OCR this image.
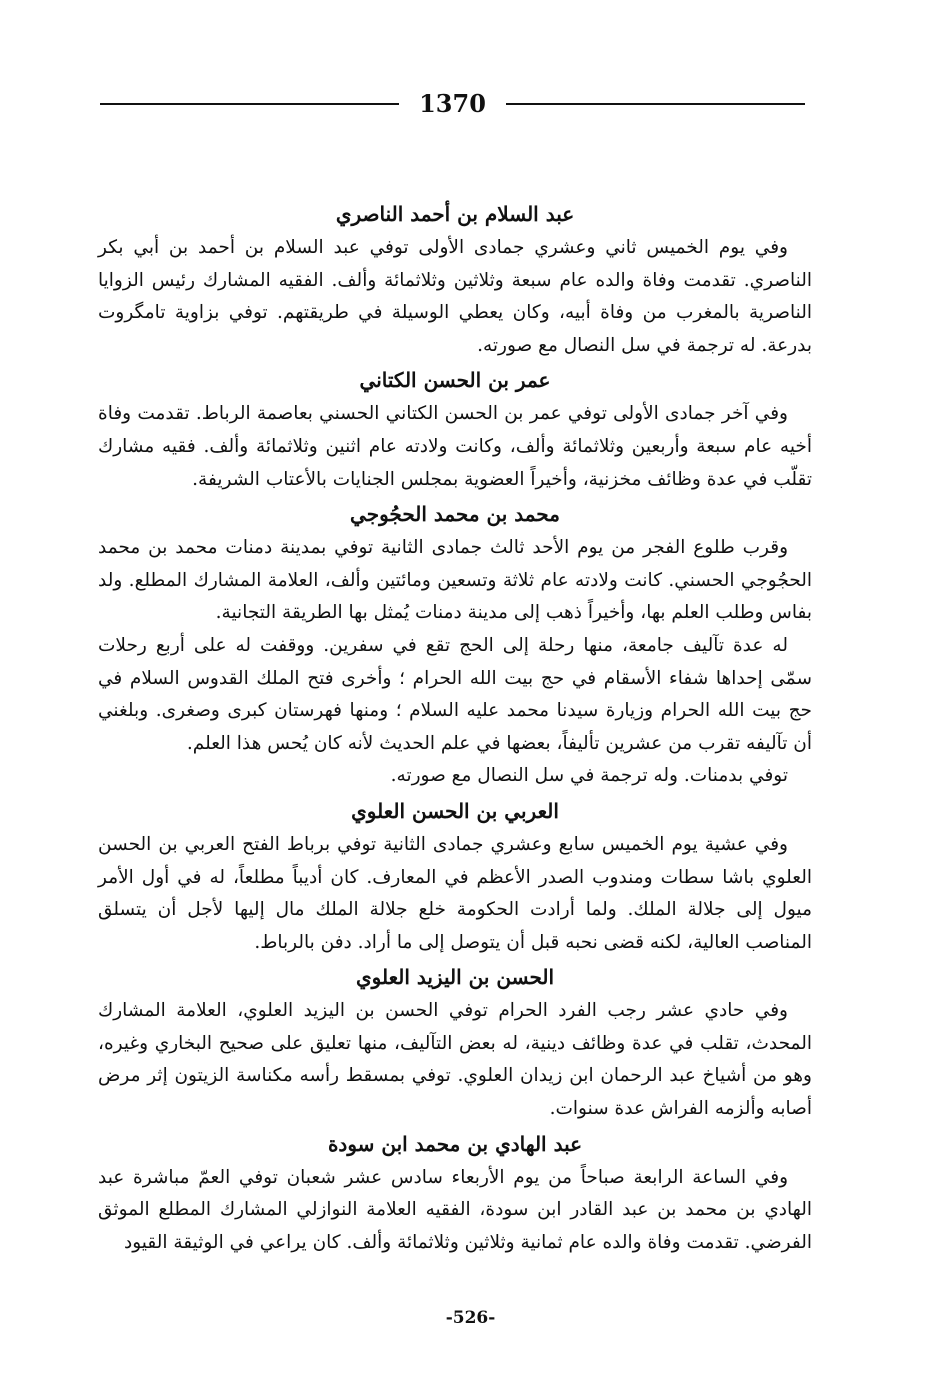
1370
عبد السلام بن أحمد الناصري

وفي يوم الخميس ثاني وعشري جمادى الأولى توفي عبد السلام بن أحمد بن أبي بكر الناصري. تقدمت وفاة والده عام سبعة وثلاثين وثلاثمائة وألف. الفقيه المشارك رئيس الزوايا الناصرية بالمغرب من وفاة أبيه، وكان يعطي الوسيلة في طريقتهم. توفي بزاوية تامگروت بدرعة. له ترجمة في سل النصال مع صورته.

عمر بن الحسن الكتاني

وفي آخر جمادى الأولى توفي عمر بن الحسن الكتاني الحسني بعاصمة الرباط. تقدمت وفاة أخيه عام سبعة وأربعين وثلاثمائة وألف، وكانت ولادته عام اثنين وثلاثمائة وألف. فقيه مشارك تقلّب في عدة وظائف مخزنية، وأخيراً العضوية بمجلس الجنايات بالأعتاب الشريفة.

محمد بن محمد الحجُوجي

وقرب طلوع الفجر من يوم الأحد ثالث جمادى الثانية توفي بمدينة دمنات محمد بن محمد الحجُوجي الحسني. كانت ولادته عام ثلاثة وتسعين ومائتين وألف، العلامة المشارك المطلع. ولد بفاس وطلب العلم بها، وأخيراً ذهب إلى مدينة دمنات يُمثل بها الطريقة التجانية.

له عدة تآليف جامعة، منها رحلة إلى الحج تقع في سفرين. ووقفت له على أربع رحلات سمّى إحداها شفاء الأسقام في حج بيت الله الحرام ؛ وأخرى فتح الملك القدوس السلام في حج بيت الله الحرام وزيارة سيدنا محمد عليه السلام ؛ ومنها فهرستان كبرى وصغرى. وبلغني أن تآليفه تقرب من عشرين تأليفاً، بعضها في علم الحديث لأنه كان يُحس هذا العلم.

توفي بدمنات. وله ترجمة في سل النصال مع صورته.

العربي بن الحسن العلوي

وفي عشية يوم الخميس سابع وعشري جمادى الثانية توفي برباط الفتح العربي بن الحسن العلوي باشا سطات ومندوب الصدر الأعظم في المعارف. كان أديباً مطلعاً، له في أول الأمر ميول إلى جلالة الملك. ولما أرادت الحكومة خلع جلالة الملك مال إليها لأجل أن يتسلق المناصب العالية، لكنه قضى نحبه قبل أن يتوصل إلى ما أراد. دفن بالرباط.

الحسن بن اليزيد العلوي

وفي حادي عشر رجب الفرد الحرام توفي الحسن بن اليزيد العلوي، العلامة المشارك المحدث، تقلب في عدة وظائف دينية، له بعض التآليف، منها تعليق على صحيح البخاري وغيره، وهو من أشياخ عبد الرحمان ابن زيدان العلوي. توفي بمسقط رأسه مكناسة الزيتون إثر مرض أصابه وألزمه الفراش عدة سنوات.

عبد الهادي بن محمد ابن سودة

وفي الساعة الرابعة صباحاً من يوم الأربعاء سادس عشر شعبان توفي العمّ مباشرة عبد الهادي بن محمد بن عبد القادر ابن سودة، الفقيه العلامة النوازلي المشارك المطلع الموثق الفرضي. تقدمت وفاة والده عام ثمانية وثلاثين وثلاثمائة وألف. كان يراعي في الوثيقة القيود

-526-
